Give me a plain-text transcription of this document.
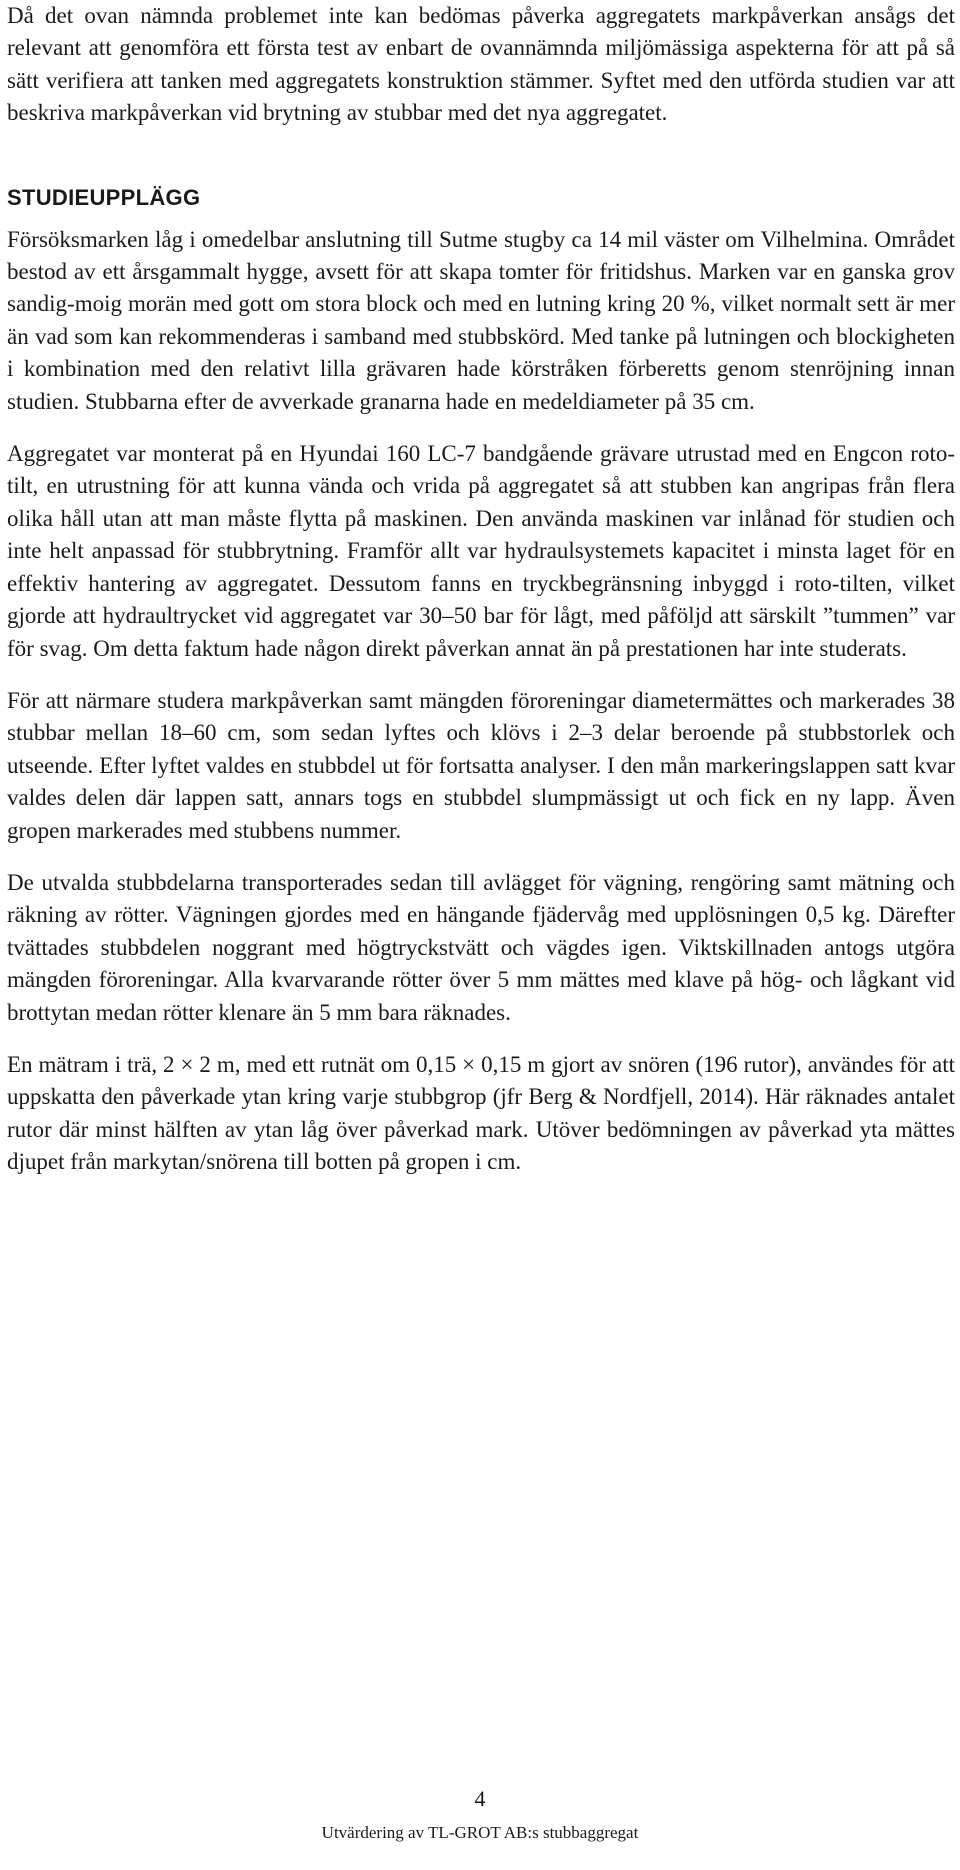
Då det ovan nämnda problemet inte kan bedömas påverka aggregatets markpåverkan ansågs det relevant att genomföra ett första test av enbart de ovannämnda miljömässiga aspekterna för att på så sätt verifiera att tanken med aggregatets konstruktion stämmer. Syftet med den utförda studien var att beskriva markpåverkan vid brytning av stubbar med det nya aggregatet.

STUDIEUPPLÄGG

Försöksmarken låg i omedelbar anslutning till Sutme stugby ca 14 mil väster om Vilhelmina. Området bestod av ett årsgammalt hygge, avsett för att skapa tomter för fritidshus. Marken var en ganska grov sandig-moig morän med gott om stora block och med en lutning kring 20 %, vilket normalt sett är mer än vad som kan rekommenderas i samband med stubbskörd. Med tanke på lutningen och blockigheten i kombination med den relativt lilla grävaren hade körstråken förberetts genom stenröjning innan studien. Stubbarna efter de avverkade granarna hade en medeldiameter på 35 cm.

Aggregatet var monterat på en Hyundai 160 LC-7 bandgående grävare utrustad med en Engcon roto-tilt, en utrustning för att kunna vända och vrida på aggregatet så att stubben kan angripas från flera olika håll utan att man måste flytta på maskinen. Den använda maskinen var inlånad för studien och inte helt anpassad för stubbrytning. Framför allt var hydraulsystemets kapacitet i minsta laget för en effektiv hantering av aggregatet. Dessutom fanns en tryckbegränsning inbyggd i roto-tilten, vilket gjorde att hydraultrycket vid aggregatet var 30–50 bar för lågt, med påföljd att särskilt ”tummen” var för svag. Om detta faktum hade någon direkt påverkan annat än på prestationen har inte studerats.

För att närmare studera markpåverkan samt mängden föroreningar diametermättes och markerades 38 stubbar mellan 18–60 cm, som sedan lyftes och klövs i 2–3 delar beroende på stubbstorlek och utseende. Efter lyftet valdes en stubbdel ut för fortsatta analyser. I den mån markeringslappen satt kvar valdes delen där lappen satt, annars togs en stubbdel slumpmässigt ut och fick en ny lapp. Även gropen markerades med stubbens nummer.

De utvalda stubbdelarna transporterades sedan till avlägget för vägning, rengöring samt mätning och räkning av rötter. Vägningen gjordes med en hängande fjädervåg med upplösningen 0,5 kg. Därefter tvättades stubbdelen noggrant med högtryckstvätt och vägdes igen. Viktskillnaden antogs utgöra mängden föroreningar. Alla kvarvarande rötter över 5 mm mättes med klave på hög- och lågkant vid brottytan medan rötter klenare än 5 mm bara räknades.

En mätram i trä, 2 × 2 m, med ett rutnät om 0,15 × 0,15 m gjort av snören (196 rutor), användes för att uppskatta den påverkade ytan kring varje stubbgrop (jfr Berg & Nordfjell, 2014). Här räknades antalet rutor där minst hälften av ytan låg över påverkad mark. Utöver bedömningen av påverkad yta mättes djupet från markytan/snörena till botten på gropen i cm.

4
Utvärdering av TL-GROT AB:s stubbaggregat
